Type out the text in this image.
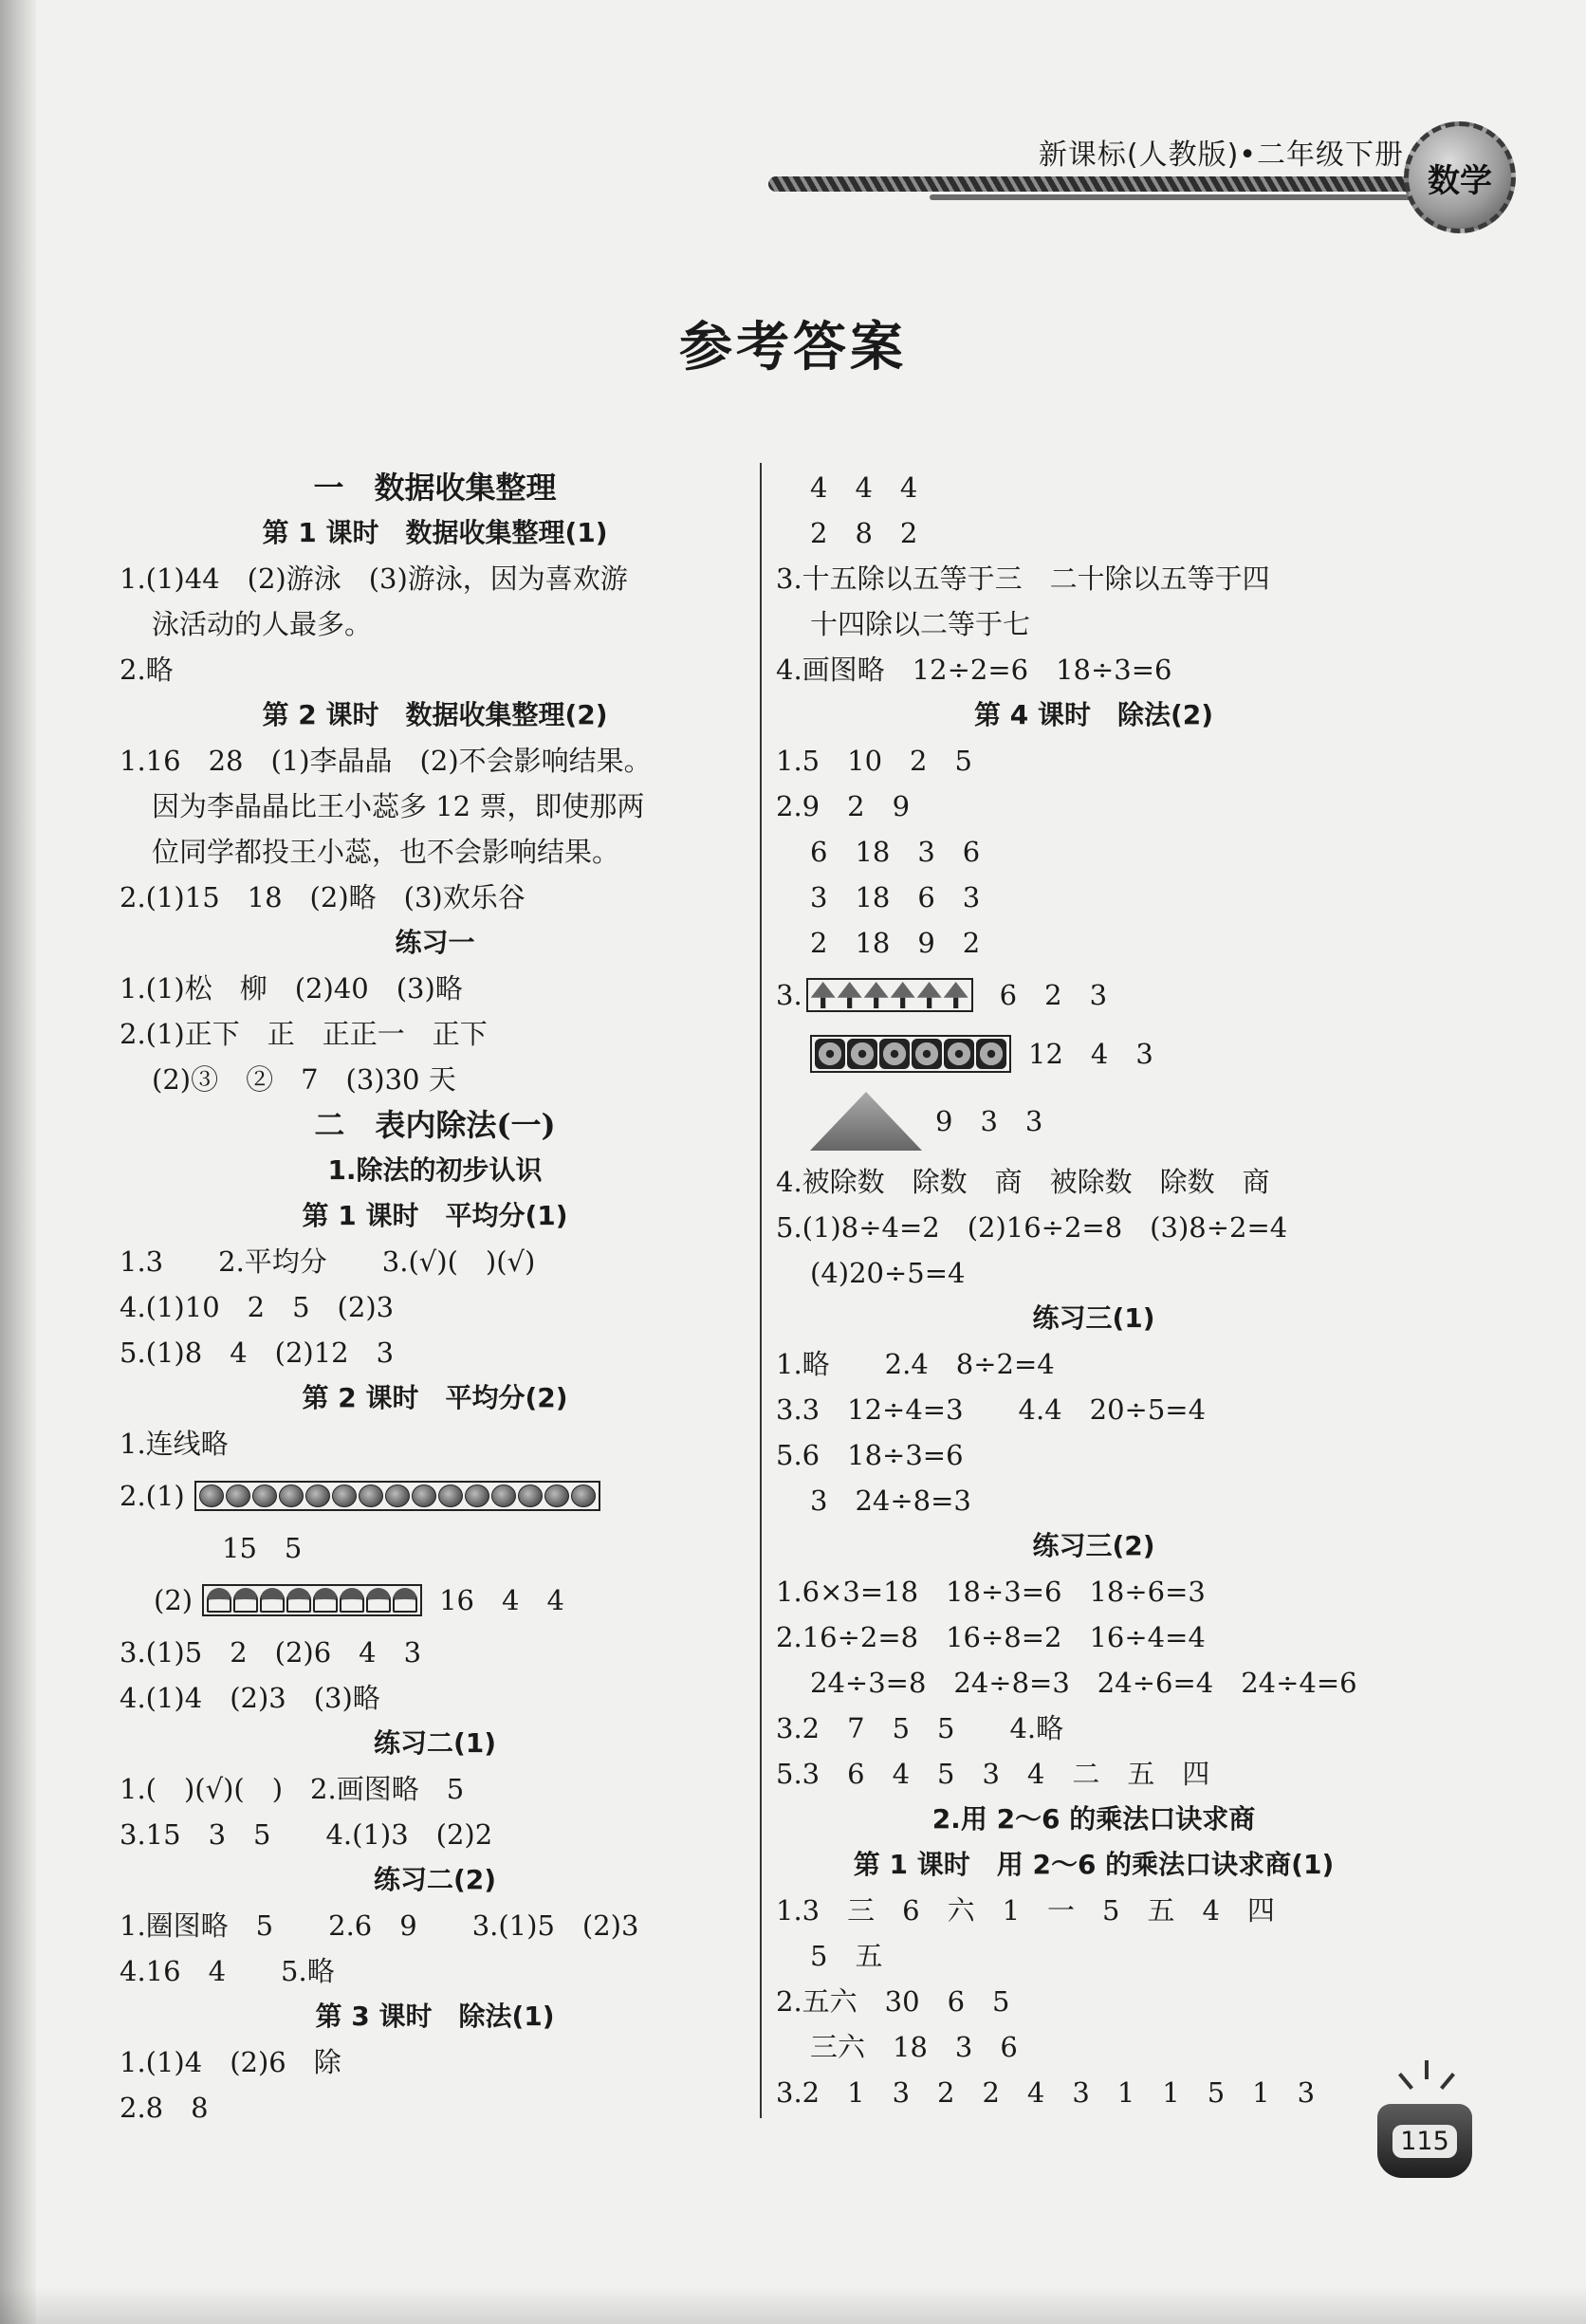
新课标(人教版)•二年级下册
数学
参考答案
一　数据收集整理
第 1 课时　数据收集整理(1)
1.(1)44　(2)游泳　(3)游泳，因为喜欢游
泳活动的人最多。
2.略
第 2 课时　数据收集整理(2)
1.16　28　(1)李晶晶　(2)不会影响结果。
因为李晶晶比王小蕊多 12 票，即使那两
位同学都投王小蕊，也不会影响结果。
2.(1)15　18　(2)略　(3)欢乐谷
练习一
1.(1)松　柳　(2)40　(3)略
2.(1)正下　正　正正一　正下
(2)③　②　7　(3)30 天
二　表内除法(一)
1.除法的初步认识
第 1 课时　平均分(1)
1.3　　2.平均分　　3.(√)(　)(√)
4.(1)10　2　5　(2)3
5.(1)8　4　(2)12　3
第 2 课时　平均分(2)
1.连线略
2.(1)
15　5
(2)	16　4　4
3.(1)5　2　(2)6　4　3
4.(1)4　(2)3　(3)略
练习二(1)
1.(　)(√)(　)　2.画图略　5
3.15　3　5　　4.(1)3　(2)2
练习二(2)
1.圈图略　5　　2.6　9　　3.(1)5　(2)3
4.16　4　　5.略
第 3 课时　除法(1)
1.(1)4　(2)6　除
2.8　8
4　4　4
2　8　2
3.十五除以五等于三　二十除以五等于四
十四除以二等于七
4.画图略　12÷2=6　18÷3=6
第 4 课时　除法(2)
1.5　10　2　5
2.9　2　9
6　18　3　6
3　18　6　3
2　18　9　2
3.	6　2　3
12　4　3
9　3　3
4.被除数　除数　商　被除数　除数　商
5.(1)8÷4=2　(2)16÷2=8　(3)8÷2=4
(4)20÷5=4
练习三(1)
1.略　　2.4　8÷2=4
3.3　12÷4=3　　4.4　20÷5=4
5.6　18÷3=6
3　24÷8=3
练习三(2)
1.6×3=18　18÷3=6　18÷6=3
2.16÷2=8　16÷8=2　16÷4=4
24÷3=8　24÷8=3　24÷6=4　24÷4=6
3.2　7　5　5　　4.略
5.3　6　4　5　3　4　二　五　四
2.用 2～6 的乘法口诀求商
第 1 课时　用 2～6 的乘法口诀求商(1)
1.3　三　6　六　1　一　5　五　4　四
5　五
2.五六　30　6　5
三六　18　3　6
3.2　1　3　2　2　4　3　1　1　5　1　3
115
